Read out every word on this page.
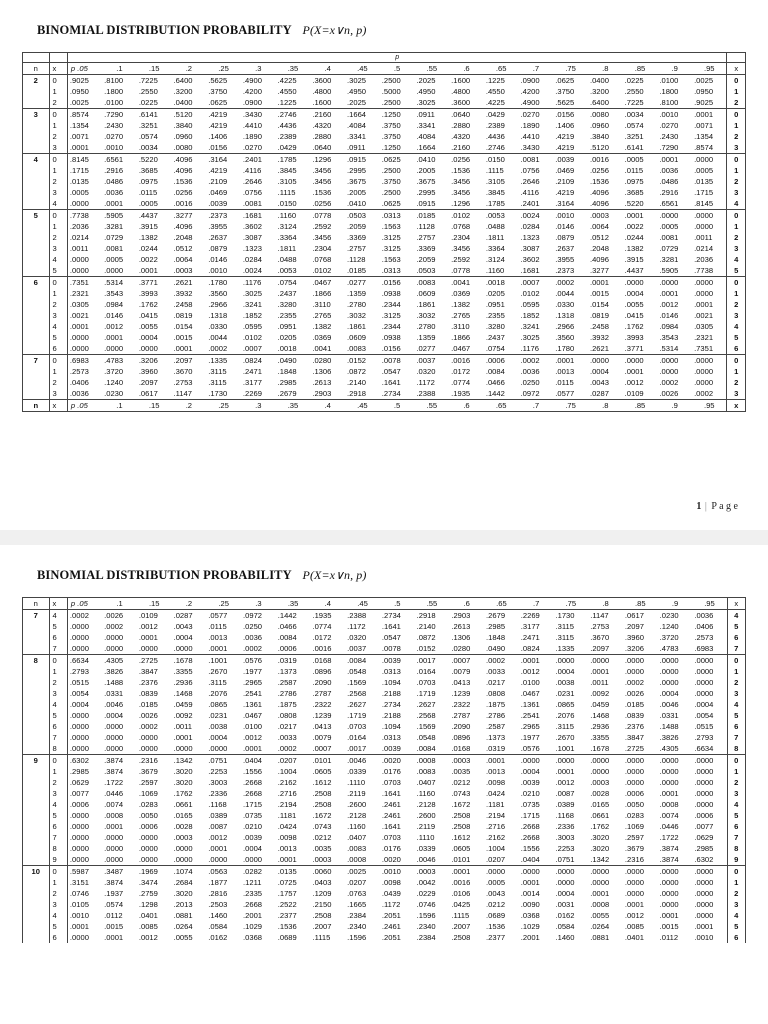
BINOMIAL DISTRIBUTION PROBABILITY P(X=x∨n, p)
		p																			
n	x	p .05	.1	.15	.2	.25	.3	.35	.4	.45	.5	.55	.6	.65	.7	.75	.8	.85	.9	.95	x
2	0	.9025	.8100	.7225	.6400	.5625	.4900	.4225	.3600	.3025	.2500	.2025	.1600	.1225	.0900	.0625	.0400	.0225	.0100	.0025	0
	1	.0950	.1800	.2550	.3200	.3750	.4200	.4550	.4800	.4950	.5000	.4950	.4800	.4550	.4200	.3750	.3200	.2550	.1800	.0950	1
	2	.0025	.0100	.0225	.0400	.0625	.0900	.1225	.1600	.2025	.2500	.3025	.3600	.4225	.4900	.5625	.6400	.7225	.8100	.9025	2
3	0	.8574	.7290	.6141	.5120	.4219	.3430	.2746	.2160	.1664	.1250	.0911	.0640	.0429	.0270	.0156	.0080	.0034	.0010	.0001	0
	1	.1354	.2430	.3251	.3840	.4219	.4410	.4436	.4320	.4084	.3750	.3341	.2880	.2389	.1890	.1406	.0960	.0574	.0270	.0071	1
	2	.0071	.0270	.0574	.0960	.1406	.1890	.2389	.2880	.3341	.3750	.4084	.4320	.4436	.4410	.4219	.3840	.3251	.2430	.1354	2
	3	.0001	.0010	.0034	.0080	.0156	.0270	.0429	.0640	.0911	.1250	.1664	.2160	.2746	.3430	.4219	.5120	.6141	.7290	.8574	3
4	0	.8145	.6561	.5220	.4096	.3164	.2401	.1785	.1296	.0915	.0625	.0410	.0256	.0150	.0081	.0039	.0016	.0005	.0001	.0000	0
	1	.1715	.2916	.3685	.4096	.4219	.4116	.3845	.3456	.2995	.2500	.2005	.1536	.1115	.0756	.0469	.0256	.0115	.0036	.0005	1
	2	.0135	.0486	.0975	.1536	.2109	.2646	.3105	.3456	.3675	.3750	.3675	.3456	.3105	.2646	.2109	.1536	.0975	.0486	.0135	2
	3	.0005	.0036	.0115	.0256	.0469	.0756	.1115	.1536	.2005	.2500	.2995	.3456	.3845	.4116	.4219	.4096	.3685	.2916	.1715	3
	4	.0000	.0001	.0005	.0016	.0039	.0081	.0150	.0256	.0410	.0625	.0915	.1296	.1785	.2401	.3164	.4096	.5220	.6561	.8145	4
5	0	.7738	.5905	.4437	.3277	.2373	.1681	.1160	.0778	.0503	.0313	.0185	.0102	.0053	.0024	.0010	.0003	.0001	.0000	.0000	0
	1	.2036	.3281	.3915	.4096	.3955	.3602	.3124	.2592	.2059	.1563	.1128	.0768	.0488	.0284	.0146	.0064	.0022	.0005	.0000	1
	2	.0214	.0729	.1382	.2048	.2637	.3087	.3364	.3456	.3369	.3125	.2757	.2304	.1811	.1323	.0879	.0512	.0244	.0081	.0011	2
	3	.0011	.0081	.0244	.0512	.0879	.1323	.1811	.2304	.2757	.3125	.3369	.3456	.3364	.3087	.2637	.2048	.1382	.0729	.0214	3
	4	.0000	.0005	.0022	.0064	.0146	.0284	.0488	.0768	.1128	.1563	.2059	.2592	.3124	.3602	.3955	.4096	.3915	.3281	.2036	4
	5	.0000	.0000	.0001	.0003	.0010	.0024	.0053	.0102	.0185	.0313	.0503	.0778	.1160	.1681	.2373	.3277	.4437	.5905	.7738	5
6	0	.7351	.5314	.3771	.2621	.1780	.1176	.0754	.0467	.0277	.0156	.0083	.0041	.0018	.0007	.0002	.0001	.0000	.0000	.0000	0
	1	.2321	.3543	.3993	.3932	.3560	.3025	.2437	.1866	.1359	.0938	.0609	.0369	.0205	.0102	.0044	.0015	.0004	.0001	.0000	1
	2	.0305	.0984	.1762	.2458	.2966	.3241	.3280	.3110	.2780	.2344	.1861	.1382	.0951	.0595	.0330	.0154	.0055	.0012	.0001	2
	3	.0021	.0146	.0415	.0819	.1318	.1852	.2355	.2765	.3032	.3125	.3032	.2765	.2355	.1852	.1318	.0819	.0415	.0146	.0021	3
	4	.0001	.0012	.0055	.0154	.0330	.0595	.0951	.1382	.1861	.2344	.2780	.3110	.3280	.3241	.2966	.2458	.1762	.0984	.0305	4
	5	.0000	.0001	.0004	.0015	.0044	.0102	.0205	.0369	.0609	.0938	.1359	.1866	.2437	.3025	.3560	.3932	.3993	.3543	.2321	5
	6	.0000	.0000	.0000	.0001	.0002	.0007	.0018	.0041	.0083	.0156	.0277	.0467	.0754	.1176	.1780	.2621	.3771	.5314	.7351	6
7	0	.6983	.4783	.3206	.2097	.1335	.0824	.0490	.0280	.0152	.0078	.0037	.0016	.0006	.0002	.0001	.0000	.0000	.0000	.0000	0
	1	.2573	.3720	.3960	.3670	.3115	.2471	.1848	.1306	.0872	.0547	.0320	.0172	.0084	.0036	.0013	.0004	.0001	.0000	.0000	1
	2	.0406	.1240	.2097	.2753	.3115	.3177	.2985	.2613	.2140	.1641	.1172	.0774	.0466	.0250	.0115	.0043	.0012	.0002	.0000	2
	3	.0036	.0230	.0617	.1147	.1730	.2269	.2679	.2903	.2918	.2734	.2388	.1935	.1442	.0972	.0577	.0287	.0109	.0026	.0002	3
n	x	p .05	.1	.15	.2	.25	.3	.35	.4	.45	.5	.55	.6	.65	.7	.75	.8	.85	.9	.95	x
1 | P a g e
BINOMIAL DISTRIBUTION PROBABILITY P(X=x∨n, p)
n	x	p .05	.1	.15	.2	.25	.3	.35	.4	.45	.5	.55	.6	.65	.7	.75	.8	.85	.9	.95	x
7	4	.0002	.0026	.0109	.0287	.0577	.0972	.1442	.1935	.2388	.2734	.2918	.2903	.2679	.2269	.1730	.1147	.0617	.0230	.0036	4
	5	.0000	.0002	.0012	.0043	.0115	.0250	.0466	.0774	.1172	.1641	.2140	.2613	.2985	.3177	.3115	.2753	.2097	.1240	.0406	5
	6	.0000	.0000	.0001	.0004	.0013	.0036	.0084	.0172	.0320	.0547	.0872	.1306	.1848	.2471	.3115	.3670	.3960	.3720	.2573	6
	7	.0000	.0000	.0000	.0000	.0001	.0002	.0006	.0016	.0037	.0078	.0152	.0280	.0490	.0824	.1335	.2097	.3206	.4783	.6983	7
8	0	.6634	.4305	.2725	.1678	.1001	.0576	.0319	.0168	.0084	.0039	.0017	.0007	.0002	.0001	.0000	.0000	.0000	.0000	.0000	0
	1	.2793	.3826	.3847	.3355	.2670	.1977	.1373	.0896	.0548	.0313	.0164	.0079	.0033	.0012	.0004	.0001	.0000	.0000	.0000	1
	2	.0515	.1488	.2376	.2936	.3115	.2965	.2587	.2090	.1569	.1094	.0703	.0413	.0217	.0100	.0038	.0011	.0002	.0000	.0000	2
	3	.0054	.0331	.0839	.1468	.2076	.2541	.2786	.2787	.2568	.2188	.1719	.1239	.0808	.0467	.0231	.0092	.0026	.0004	.0000	3
	4	.0004	.0046	.0185	.0459	.0865	.1361	.1875	.2322	.2627	.2734	.2627	.2322	.1875	.1361	.0865	.0459	.0185	.0046	.0004	4
	5	.0000	.0004	.0026	.0092	.0231	.0467	.0808	.1239	.1719	.2188	.2568	.2787	.2786	.2541	.2076	.1468	.0839	.0331	.0054	5
	6	.0000	.0000	.0002	.0011	.0038	.0100	.0217	.0413	.0703	.1094	.1569	.2090	.2587	.2965	.3115	.2936	.2376	.1488	.0515	6
	7	.0000	.0000	.0000	.0001	.0004	.0012	.0033	.0079	.0164	.0313	.0548	.0896	.1373	.1977	.2670	.3355	.3847	.3826	.2793	7
	8	.0000	.0000	.0000	.0000	.0000	.0001	.0002	.0007	.0017	.0039	.0084	.0168	.0319	.0576	.1001	.1678	.2725	.4305	.6634	8
9	0	.6302	.3874	.2316	.1342	.0751	.0404	.0207	.0101	.0046	.0020	.0008	.0003	.0001	.0000	.0000	.0000	.0000	.0000	.0000	0
	1	.2985	.3874	.3679	.3020	.2253	.1556	.1004	.0605	.0339	.0176	.0083	.0035	.0013	.0004	.0001	.0000	.0000	.0000	.0000	1
	2	.0629	.1722	.2597	.3020	.3003	.2668	.2162	.1612	.1110	.0703	.0407	.0212	.0098	.0039	.0012	.0003	.0000	.0000	.0000	2
	3	.0077	.0446	.1069	.1762	.2336	.2668	.2716	.2508	.2119	.1641	.1160	.0743	.0424	.0210	.0087	.0028	.0006	.0001	.0000	3
	4	.0006	.0074	.0283	.0661	.1168	.1715	.2194	.2508	.2600	.2461	.2128	.1672	.1181	.0735	.0389	.0165	.0050	.0008	.0000	4
	5	.0000	.0008	.0050	.0165	.0389	.0735	.1181	.1672	.2128	.2461	.2600	.2508	.2194	.1715	.1168	.0661	.0283	.0074	.0006	5
	6	.0000	.0001	.0006	.0028	.0087	.0210	.0424	.0743	.1160	.1641	.2119	.2508	.2716	.2668	.2336	.1762	.1069	.0446	.0077	6
	7	.0000	.0000	.0000	.0003	.0012	.0039	.0098	.0212	.0407	.0703	.1110	.1612	.2162	.2668	.3003	.3020	.2597	.1722	.0629	7
	8	.0000	.0000	.0000	.0000	.0001	.0004	.0013	.0035	.0083	.0176	.0339	.0605	.1004	.1556	.2253	.3020	.3679	.3874	.2985	8
	9	.0000	.0000	.0000	.0000	.0000	.0000	.0001	.0003	.0008	.0020	.0046	.0101	.0207	.0404	.0751	.1342	.2316	.3874	.6302	9
10	0	.5987	.3487	.1969	.1074	.0563	.0282	.0135	.0060	.0025	.0010	.0003	.0001	.0000	.0000	.0000	.0000	.0000	.0000	.0000	0
	1	.3151	.3874	.3474	.2684	.1877	.1211	.0725	.0403	.0207	.0098	.0042	.0016	.0005	.0001	.0000	.0000	.0000	.0000	.0000	1
	2	.0746	.1937	.2759	.3020	.2816	.2335	.1757	.1209	.0763	.0439	.0229	.0106	.0043	.0014	.0004	.0001	.0000	.0000	.0000	2
	3	.0105	.0574	.1298	.2013	.2503	.2668	.2522	.2150	.1665	.1172	.0746	.0425	.0212	.0090	.0031	.0008	.0001	.0000	.0000	3
	4	.0010	.0112	.0401	.0881	.1460	.2001	.2377	.2508	.2384	.2051	.1596	.1115	.0689	.0368	.0162	.0055	.0012	.0001	.0000	4
	5	.0001	.0015	.0085	.0264	.0584	.1029	.1536	.2007	.2340	.2461	.2340	.2007	.1536	.1029	.0584	.0264	.0085	.0015	.0001	5
	6	.0000	.0001	.0012	.0055	.0162	.0368	.0689	.1115	.1596	.2051	.2384	.2508	.2377	.2001	.1460	.0881	.0401	.0112	.0010	6
